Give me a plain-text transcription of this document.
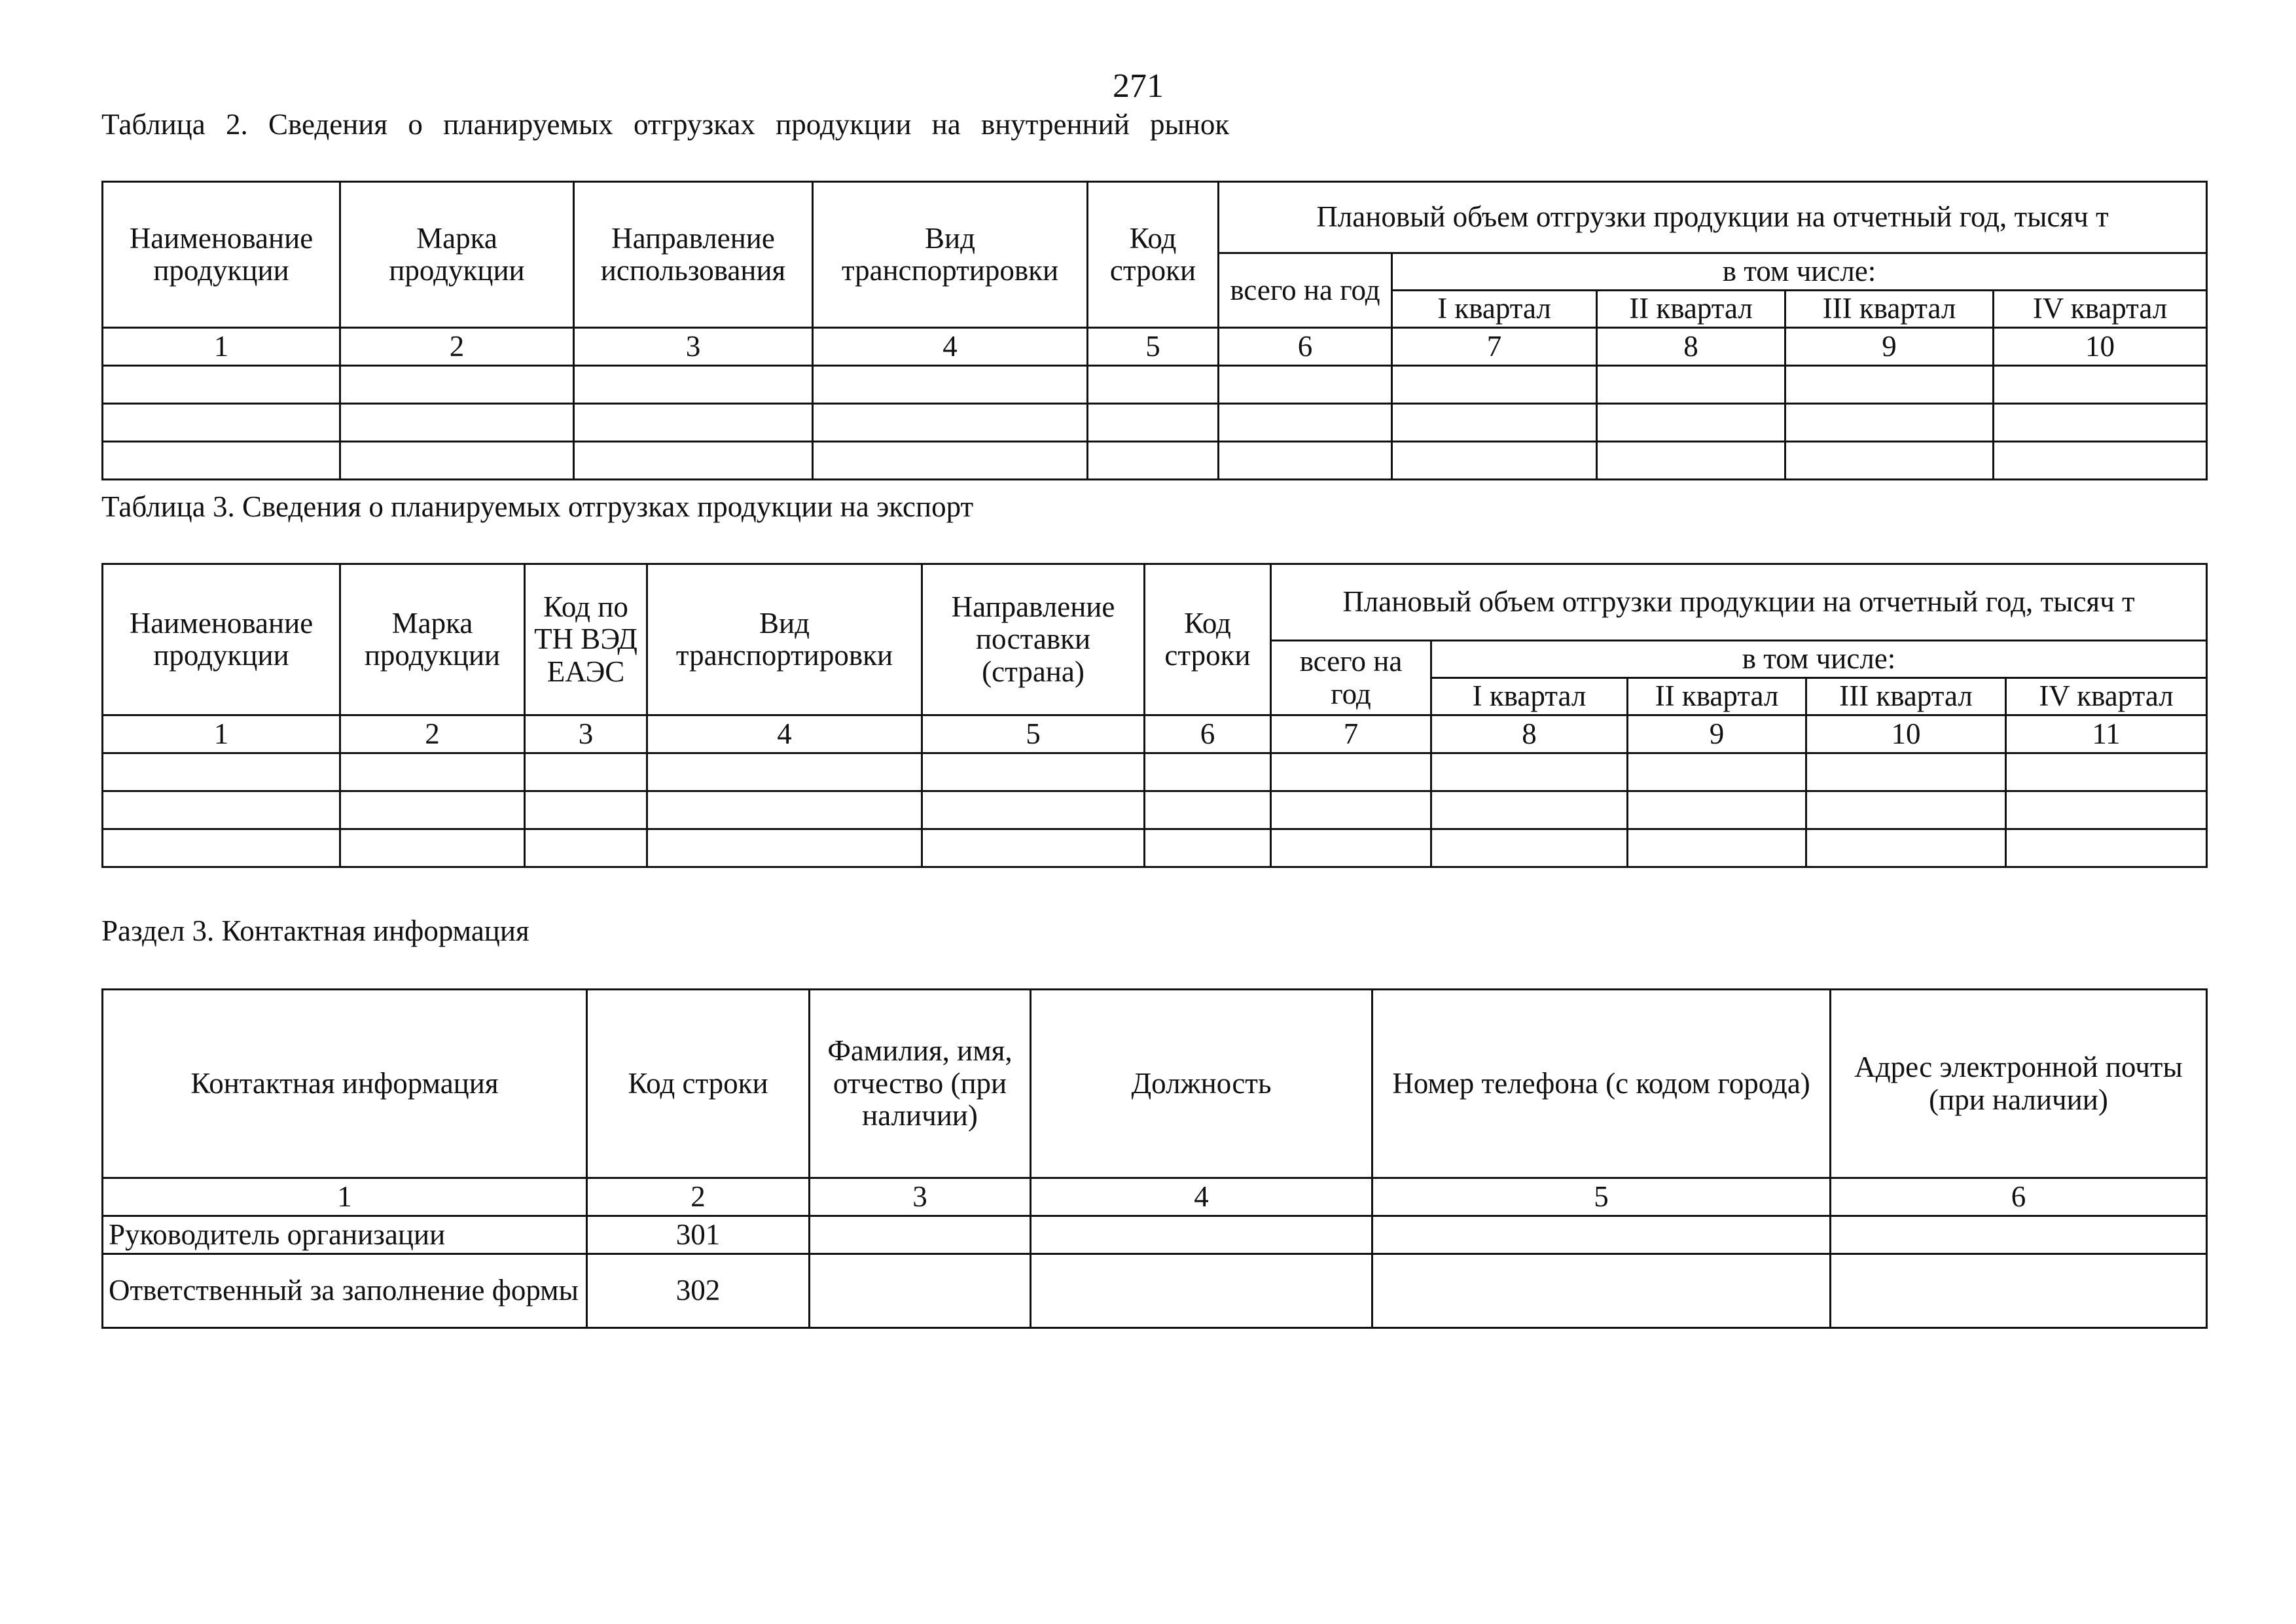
271

Таблица 2. Сведения о планируемых отгрузках продукции на внутренний рынок

Наименование продукции	Марка продукции	Направление использования	Вид транспортировки	Код строки	Плановый объем отгрузки продукции на отчетный год, тысяч т				
					всего на год	в том числе:			
						I квартал	II квартал	III квартал	IV квартал
1	2	3	4	5	6	7	8	9	10

Таблица 3. Сведения о планируемых отгрузках продукции на экспорт

Наименование продукции	Марка продукции	Код по ТН ВЭД ЕАЭС	Вид транспортировки	Направление поставки (страна)	Код строки	Плановый объем отгрузки продукции на отчетный год, тысяч т				
						всего на год	в том числе:			
							I квартал	II квартал	III квартал	IV квартал
1	2	3	4	5	6	7	8	9	10	11

Раздел 3. Контактная информация

Контактная информация	Код строки	Фамилия, имя, отчество (при наличии)	Должность	Номер телефона (с кодом города)	Адрес электронной почты (при наличии)
1	2	3	4	5	6
Руководитель организации	301				
Ответственный за заполнение формы	302				
